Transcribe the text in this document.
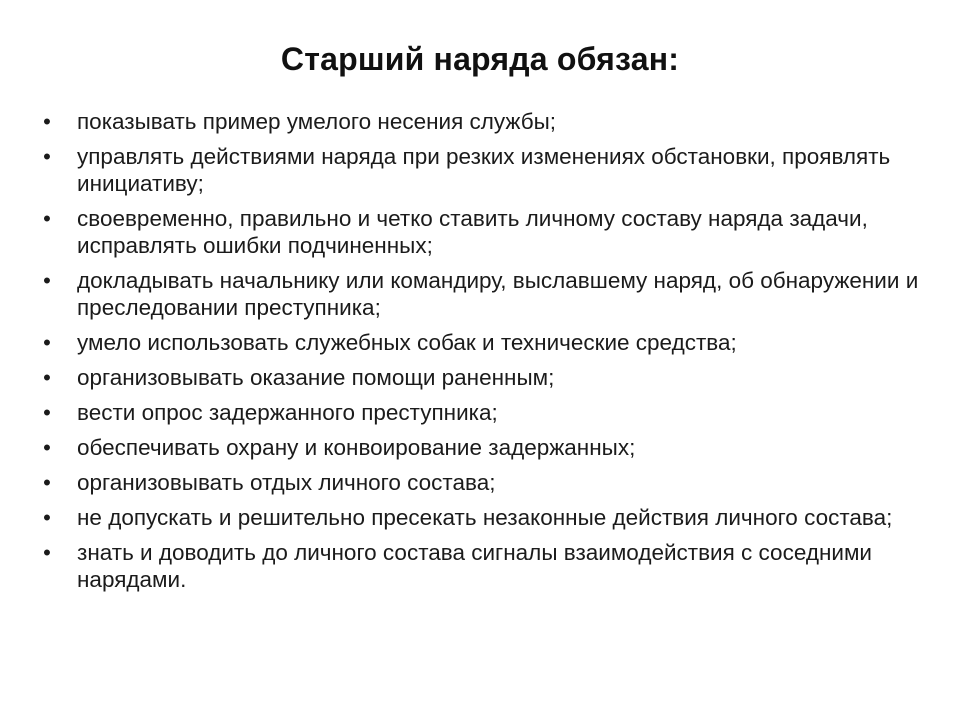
Старший наряда обязан:
• показывать пример умелого несения службы;
• управлять действиями наряда при резких изменениях обстановки, проявлять инициативу;
• своевременно, правильно и четко ставить личному составу наряда задачи, исправлять ошибки подчиненных;
• докладывать начальнику или командиру, выславшему наряд, об обнаружении и преследовании преступника;
• умело использовать служебных собак и технические средства;
• организовывать оказание помощи раненным;
• вести опрос задержанного преступника;
• обеспечивать охрану и конвоирование задержанных;
• организовывать отдых личного состава;
• не допускать и решительно пресекать незаконные действия личного состава;
• знать и доводить до личного состава сигналы взаимодействия с соседними нарядами.
